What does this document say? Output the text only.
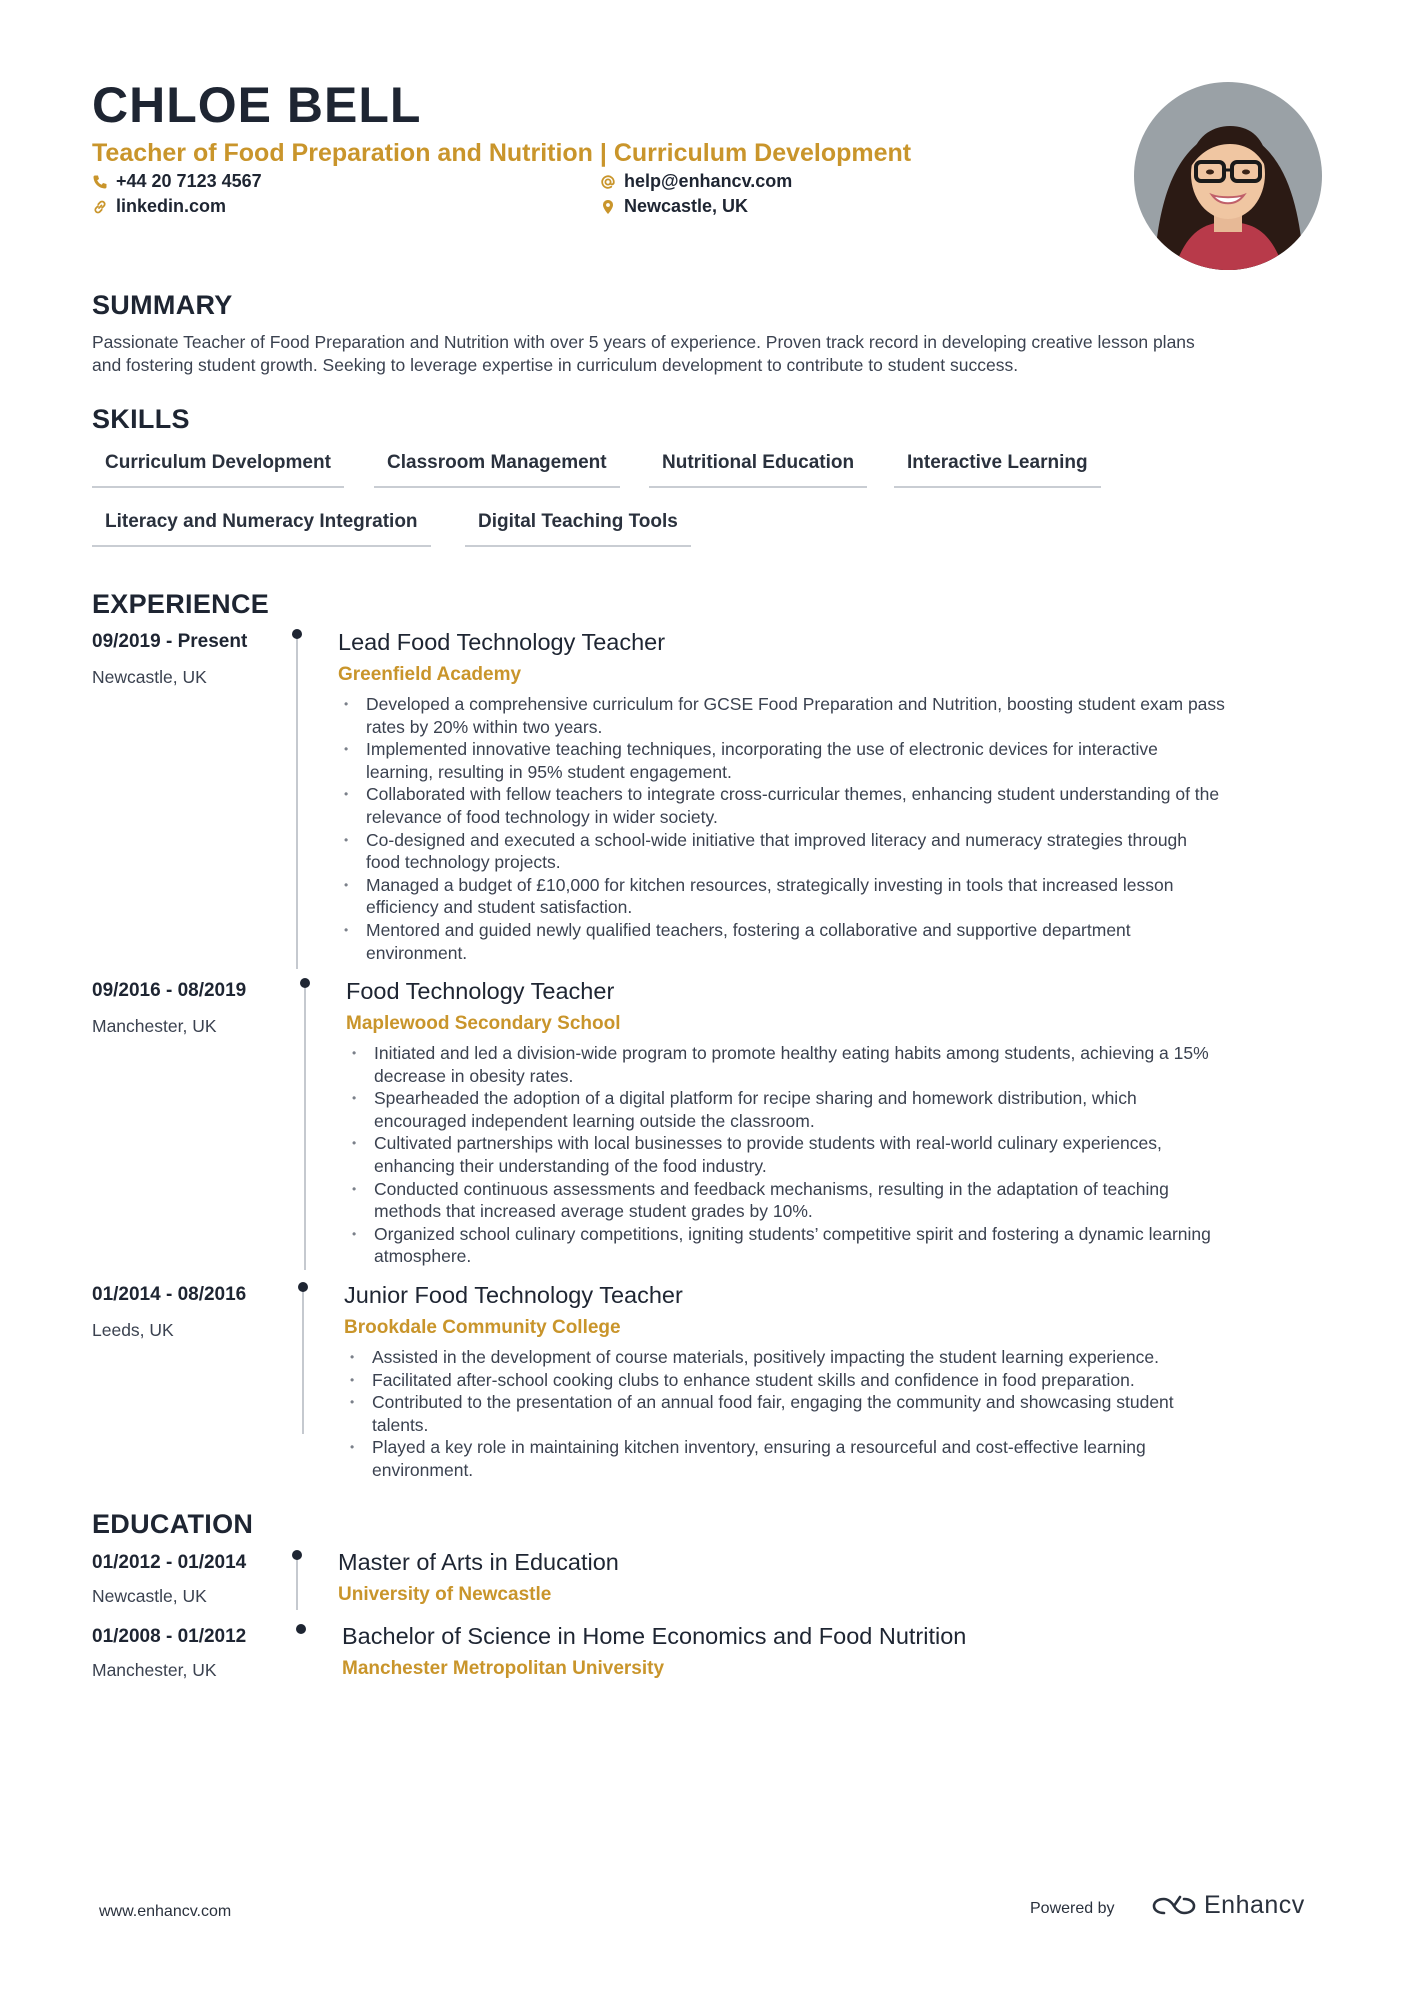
CHLOE BELL
Teacher of Food Preparation and Nutrition | Curriculum Development
+44 20 7123 4567	help@enhancv.com
linkedin.com	Newcastle, UK
SUMMARY
Passionate Teacher of Food Preparation and Nutrition with over 5 years of experience. Proven track record in developing creative lesson plans
and fostering student growth. Seeking to leverage expertise in curriculum development to contribute to student success.
SKILLS
Curriculum Development	Classroom Management	Nutritional Education	Interactive Learning
Literacy and Numeracy Integration	Digital Teaching Tools
EXPERIENCE
09/2019 - Present
Newcastle, UK
Lead Food Technology Teacher
Greenfield Academy
• Developed a comprehensive curriculum for GCSE Food Preparation and Nutrition, boosting student exam pass
rates by 20% within two years.
• Implemented innovative teaching techniques, incorporating the use of electronic devices for interactive
learning, resulting in 95% student engagement.
• Collaborated with fellow teachers to integrate cross-curricular themes, enhancing student understanding of the
relevance of food technology in wider society.
• Co-designed and executed a school-wide initiative that improved literacy and numeracy strategies through
food technology projects.
• Managed a budget of £10,000 for kitchen resources, strategically investing in tools that increased lesson
efficiency and student satisfaction.
• Mentored and guided newly qualified teachers, fostering a collaborative and supportive department
environment.
09/2016 - 08/2019
Manchester, UK
Food Technology Teacher
Maplewood Secondary School
• Initiated and led a division-wide program to promote healthy eating habits among students, achieving a 15%
decrease in obesity rates.
• Spearheaded the adoption of a digital platform for recipe sharing and homework distribution, which
encouraged independent learning outside the classroom.
• Cultivated partnerships with local businesses to provide students with real-world culinary experiences,
enhancing their understanding of the food industry.
• Conducted continuous assessments and feedback mechanisms, resulting in the adaptation of teaching
methods that increased average student grades by 10%.
• Organized school culinary competitions, igniting students’ competitive spirit and fostering a dynamic learning
atmosphere.
01/2014 - 08/2016
Leeds, UK
Junior Food Technology Teacher
Brookdale Community College
• Assisted in the development of course materials, positively impacting the student learning experience.
• Facilitated after-school cooking clubs to enhance student skills and confidence in food preparation.
• Contributed to the presentation of an annual food fair, engaging the community and showcasing student
talents.
• Played a key role in maintaining kitchen inventory, ensuring a resourceful and cost-effective learning
environment.
EDUCATION
01/2012 - 01/2014
Newcastle, UK
Master of Arts in Education
University of Newcastle
01/2008 - 01/2012
Manchester, UK
Bachelor of Science in Home Economics and Food Nutrition
Manchester Metropolitan University
www.enhancv.com	Powered by	Enhancv
